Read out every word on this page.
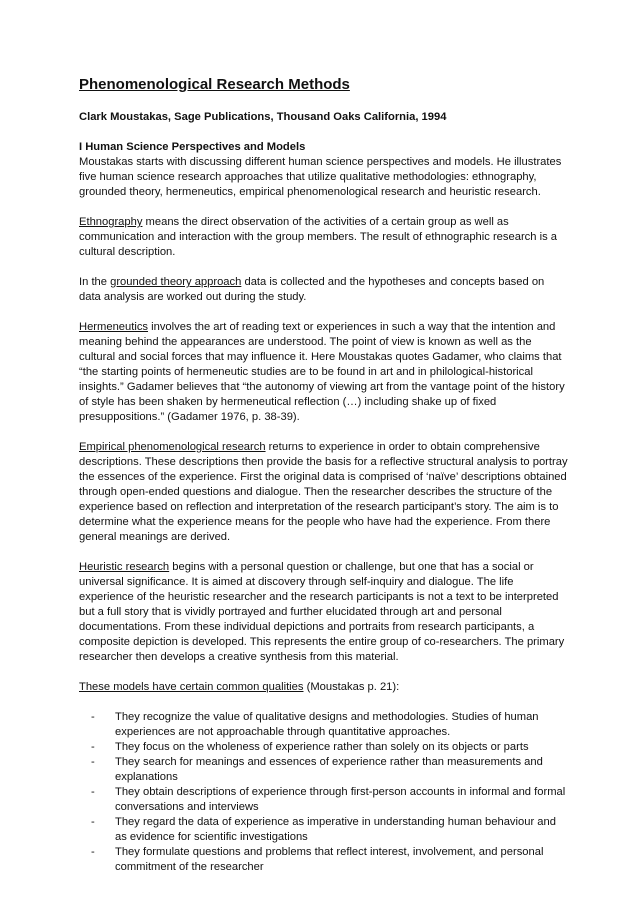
Phenomenological Research Methods
Clark Moustakas, Sage Publications, Thousand Oaks California, 1994
I Human Science Perspectives and Models

Moustakas starts with discussing different human science perspectives and models. He illustrates five human science research approaches that utilize qualitative methodologies: ethnography, grounded theory, hermeneutics, empirical phenomenological research and heuristic research.

Ethnography means the direct observation of the activities of a certain group as well as communication and interaction with the group members. The result of ethnographic research is a cultural description.

In the grounded theory approach data is collected and the hypotheses and concepts based on data analysis are worked out during the study.

Hermeneutics involves the art of reading text or experiences in such a way that the intention and meaning behind the appearances are understood. The point of view is known as well as the cultural and social forces that may influence it. Here Moustakas quotes Gadamer, who claims that “the starting points of hermeneutic studies are to be found in art and in philological-historical insights.” Gadamer believes that “the autonomy of viewing art from the vantage point of the history of style has been shaken by hermeneutical reflection (…) including shake up of fixed presuppositions.” (Gadamer 1976, p. 38-39).

Empirical phenomenological research returns to experience in order to obtain comprehensive descriptions. These descriptions then provide the basis for a reflective structural analysis to portray the essences of the experience. First the original data is comprised of ‘naïve’ descriptions obtained through open-ended questions and dialogue. Then the researcher describes the structure of the experience based on reflection and interpretation of the research participant’s story. The aim is to determine what the experience means for the people who have had the experience. From there general meanings are derived.

Heuristic research begins with a personal question or challenge, but one that has a social or universal significance. It is aimed at discovery through self-inquiry and dialogue. The life experience of the heuristic researcher and the research participants is not a text to be interpreted but a full story that is vividly portrayed and further elucidated through art and personal documentations. From these individual depictions and portraits from research participants, a composite depiction is developed. This represents the entire group of co-researchers. The primary researcher then develops a creative synthesis from this material.

These models have certain common qualities (Moustakas p. 21):

- They recognize the value of qualitative designs and methodologies. Studies of human experiences are not approachable through quantitative approaches.
- They focus on the wholeness of experience rather than solely on its objects or parts
- They search for meanings and essences of experience rather than measurements and explanations
- They obtain descriptions of experience through first-person accounts in informal and formal conversations and interviews
- They regard the data of experience as imperative in understanding human behaviour and as evidence for scientific investigations
- They formulate questions and problems that reflect interest, involvement, and personal commitment of the researcher
